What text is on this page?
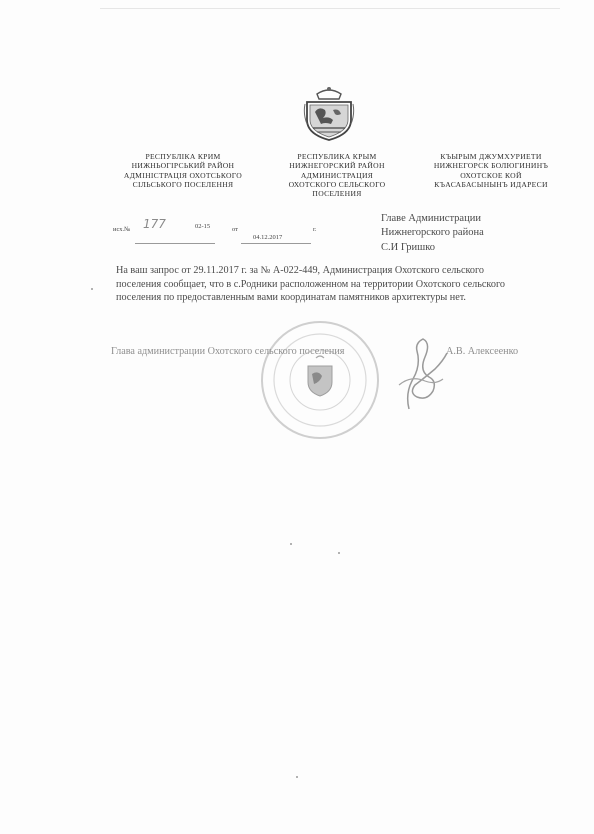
РЕСПУБЛІКА КРИМ
НИЖНЬОГІРСЬКИЙ РАЙОН
АДМІНІСТРАЦІЯ ОХОТСЬКОГО
СІЛЬСЬКОГО ПОСЕЛЕННЯ
РЕСПУБЛИКА КРЫМ
НИЖНЕГОРСКИЙ РАЙОН
АДМИНИСТРАЦИЯ
ОХОТСКОГО СЕЛЬСКОГО
ПОСЕЛЕНИЯ
КЪЫРЫМ ДЖУМХУРИЕТИ
НИЖНЕГОРСК БОЛЮГИНИНЪ
ОХОТСКОЕ КОЙ
КЪАСАБАСЫНЫНЪ ИДАРЕСИ
исх.№ 177	02-15	от
04.12.2017
г.
Главе Администрации
Нижнегорского района
С.И Гришко
На ваш запрос от 29.11.2017 г. за № А-022-449, Администрация Охотского сельского
поселения сообщает, что в с.Родники расположенном на территории Охотского сельского
поселения по предоставленным вами координатам памятников архитектуры нет.
Глава администрации Охотского сельского поселения	А.В. Алексеенко
